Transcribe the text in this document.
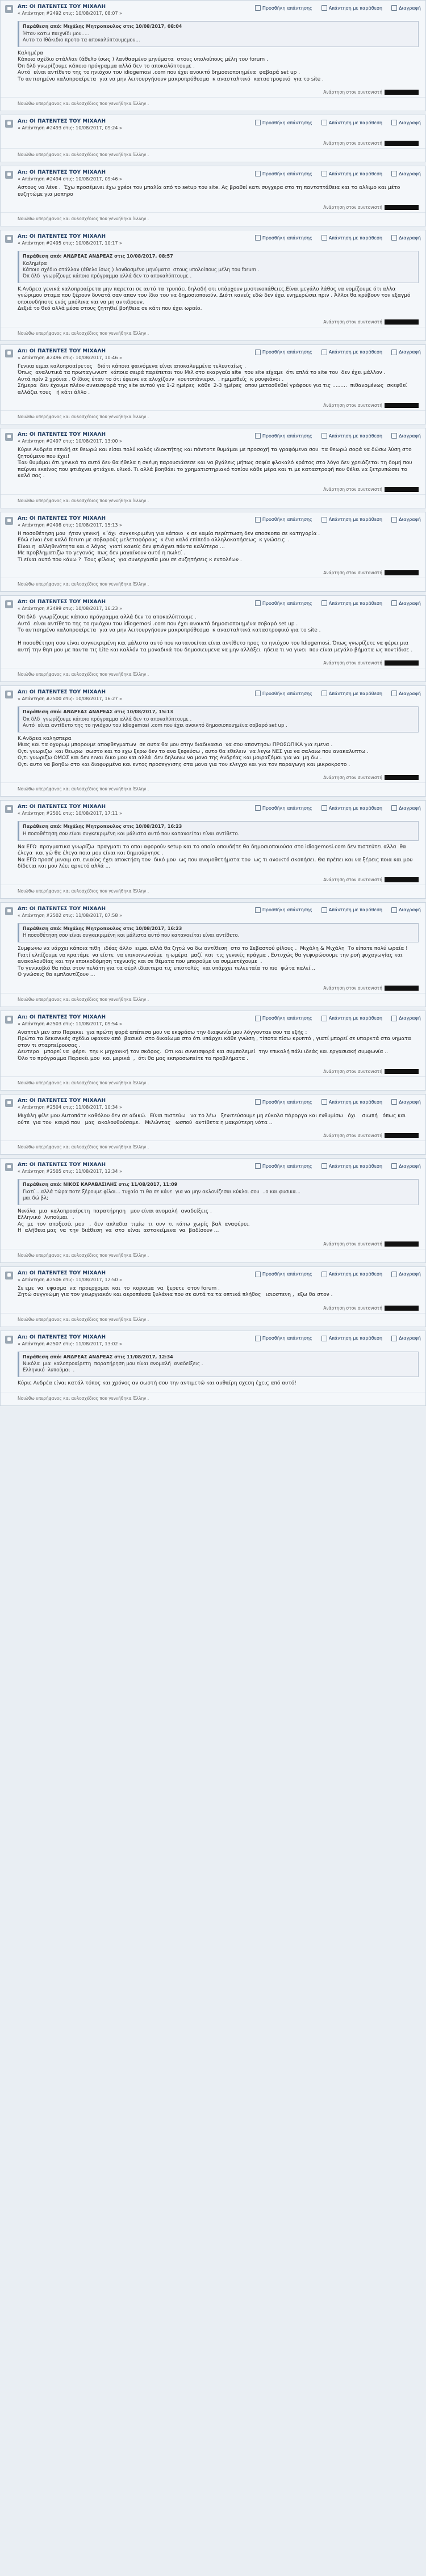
Απ: ΟΙ ΠΑΤΕΝΤΕΣ ΤΟΥ ΜΙΧΑΛΗ
« Απάντηση #2492 στις: 10/08/2017, 08:07 »
Προσθήκη απάντησης	Απάντηση με παράθεση	Διαγραφή
Παράθεση από: Μιχάλης Μητροπουλος στις 10/08/2017, 08:04
Ήταν κατω παιχνίδι μου.....
Αυτο το Ιθάκιδιο προτο τα αποκαλύπτουμεμου...
Καλημέρα
Κάποιο σχέδιο στάλλαν (άθελο ίσως ) λανθασμένο μηνύματα  στους υπολοίπους μέλη του forum .
Όπ δλδ γνωρίζουμε κάποιο πρόγραμμα αλλά δεν το αποκαλύπτουμε .
Αυτό  είναι αντίθετο της το ηνιόχου του idiogemosi .com που έχει ανοικτό δημοσιοποιημένα  φαβαρά set up .
Το αντισημένο καλοπροαίρετα  για να μην λειτουργήσουν μακροπρόθεσμα  κ ανασταλτικό  καταστροφικό  για το site .
Ανάρτηση στον συντονιστή
Νοιώθω υπερήφανος και αυλοσχέδιος που γεννήθηκα Έλλην .
Απ: ΟΙ ΠΑΤΕΝΤΕΣ ΤΟΥ ΜΙΧΑΛΗ
« Απάντηση #2493 στις: 10/08/2017, 09:24 »
Προσθήκη απάντησης	Απάντηση με παράθεση	Διαγραφή
Ανάρτηση στον συντονιστή
Νοιώθω υπερήφανος και αυλοσχέδιος που γεννήθηκα Έλλην .
Απ: ΟΙ ΠΑΤΕΝΤΕΣ ΤΟΥ ΜΙΧΑΛΗ
« Απάντηση #2494 στις: 10/08/2017, 09:46 »
Προσθήκη απάντησης	Απάντηση με παράθεση	Διαγραφή
Αστους να λένε .  Έχω προσέμινει έχω χρέοι του μπαλία από το setup του site. Ας βραθεί κατι συγχερα στο τη παντοπτάθεια και το αλλιμο και μέτο ευζητώμε για μοπηρο
Ανάρτηση στον συντονιστή
Νοιώθω υπερήφανος και αυλοσχέδιος που γεννήθηκα Έλλην .
Απ: ΟΙ ΠΑΤΕΝΤΕΣ ΤΟΥ ΜΙΧΑΛΗ
« Απάντηση #2495 στις: 10/08/2017, 10:17 »
Προσθήκη απάντησης	Απάντηση με παράθεση	Διαγραφή
Παράθεση από: ΑΝΔΡΕΑΣ ΑΝΔΡΕΑΣ στις 10/08/2017, 08:57
Καλημέρα
Κάποιο σχέδιο στάλλαν (άθελο ίσως ) λανθασμένο μηνύματα  στους υπολοίπους μέλη του forum .
Όπ δλδ  γνωρίζουμε κάποιο πρόγραμμα αλλά δεν το αποκαλύπτουμε .
Κ.Ανδρεα γενικά καλοπροαίρετα μην παρεται σε αυτό τα τρυπάει δηλαδή οτι υπάρχουν μυστικοπάθειες.Είναι μεγάλο λάθος να νομίζουμε ότι αλλα γνώριμου σταμα που ξέρουν δυνατά σαν απαν του ίδιο του να δημοσιοποιούν. Διότι κανείς εδώ δεν έχει ενημερώσει πριν . Άλλοι θα κρύβουν τον εξαγμό οποιουδήποτε ενός μπόλικα και να μη αντιδρουν.
Δεξιά το θεό αλλά μέσα στους ζητηθεί βοήθεια σε κάτι που έχει ωραίο.
Ανάρτηση στον συντονιστή
Νοιώθω υπερήφανος και αυλοσχέδιος που γεννήθηκα Έλλην .
Απ: ΟΙ ΠΑΤΕΝΤΕΣ ΤΟΥ ΜΙΧΑΛΗ
« Απάντηση #2496 στις: 10/08/2017, 10:46 »
Προσθήκη απάντησης	Απάντηση με παράθεση	Διαγραφή
Γενικα ειμαι καλοπροαίρετος   διότι κάποια φαινόμενα είναι αποκαλυμμένα τελευταίως .
Όπως  αναλυτικά τα πρωταγωνιστ  κάποια σειρά παρέπεται του Μιλ στο εκαργαία site  του site είχαμε  ότι απλά το site του  δεν έχει μάλλον .
Αυτά πρίν 2 χρόνια , Ο ίδιος έταν το ότι έφεινε να αλυχίζουν  κουτσπάνιερσι  , ημιμαθείς  κ ρουφιάνοι .
Σήμερα  δεν έχουμε πλέον συνεισφορά της site αυτού για 1-2 ημέρες  κάθε  2-3 ημέρες  οπου μεταοθεθεί γράφουν για τις .........  πιθανομένως  σκεφθεί αλλάζει τους   ή κάτι άλλο .
Ανάρτηση στον συντονιστή
Νοιώθω υπερήφανος και αυλοσχέδιος που γεννήθηκα Έλλην .
Απ: ΟΙ ΠΑΤΕΝΤΕΣ ΤΟΥ ΜΙΧΑΛΗ
« Απάντηση #2497 στις: 10/08/2017, 13:00 »
Προσθήκη απάντησης	Απάντηση με παράθεση	Διαγραφή
Κύριε Ανδρέα επειδή σε θεωρώ και είσαι πολύ καλός ιδιοκτήτης και πάντοτε θυμάμαι με προσοχή τα γραφόμενα σου  τα θεωρώ σοφά να δώσω λύση στο ζητούμενο που έχει!
Έαν θυμάμαι ότι γενικά το αυτό δεν θα ήθελα η σκέψη παρουσιάσεσε και να βγάλεις μήπως σοφία φλοκαλό κράτος στο λόγο δεν χρειάζεται τη δομή που παίρνει εκείνος που φτιάχνει φτιάχνει υλικό. Τι αλλά βοηθάει το χρηματιστηριακό τοπίου κάθε μέρα και τι με καταστροφή που θέλει να ξετρυπώσει το καλό σας .
Ανάρτηση στον συντονιστή
Νοιώθω υπερήφανος και αυλοσχέδιος που γεννήθηκα Έλλην .
Απ: ΟΙ ΠΑΤΕΝΤΕΣ ΤΟΥ ΜΙΧΑΛΗ
« Απάντηση #2498 στις: 10/08/2017, 15:13 »
Προσθήκη απάντησης	Απάντηση με παράθεση	Διαγραφή
Η ποσοθέτηση μου  ήταν γενική  κ΄όχι  συγκεκριμένη για κάποιο  κ σε καμία περίπτωση δεν αποσκοπα σε κατηγορία .
Εδώ είναι ένα καλό forum με σοβαρούς μελεταφόρους  κ ένα καλό επίπεδο αλληλοκατήσεως  κ γνώσεις  .
Είναι η  αλληθινότητα και ο λόγος  γιατί κανείς δεν φτιάχνει πάντα καλύτερο ...
Με προβληματιζω το γεγονός  πως δεν μαγαίνουν αυτό η πωλεί .
Τί είναι αυτό που κάνω ?  Τους φίλους  για συνεργασία μου σε συζητήσεις κ εντολέων .
Ανάρτηση στον συντονιστή
Νοιώθω υπερήφανος και αυλοσχέδιος που γεννήθηκα Έλλην .
Απ: ΟΙ ΠΑΤΕΝΤΕΣ ΤΟΥ ΜΙΧΑΛΗ
« Απάντηση #2499 στις: 10/08/2017, 16:23 »
Προσθήκη απάντησης	Απάντηση με παράθεση	Διαγραφή
Όπ δλδ  γνωρίζουμε κάποιο πρόγραμμα αλλά δεν το αποκαλύπτουμε .
Αυτό  είναι αντίθετο της το ηνιόχου του idiogemosi .com που έχει ανοικτό δημοσιοποιημένα σοβαρό set up .
Το αντισημένο καλοπροαίρετα  για να μην λειτουργήσουν μακροπρόθεσμα  κ ανασταλτικά καταστροφικό για το site .

Η ποσοθέτηση σου είναι συγκεκριμένη και μάλιστα αυτό που κατανοείται είναι αντίθετο προς το ηνιόχου του Idiogemosi. Όπως γνωρίζετε να φέρει μια αυτή την θηπ μου με παντα τις Lite και καλλόν τα μοναδικά του δημοσιευμενα να μην αλλάξει  ηδεια τι να γινει  που είναι μεγάλο βήματα ως ποντίδισε .
Ανάρτηση στον συντονιστή
Νοιώθω υπερήφανος και αυλοσχέδιος που γεννήθηκα Έλλην .
Απ: ΟΙ ΠΑΤΕΝΤΕΣ ΤΟΥ ΜΙΧΑΛΗ
« Απάντηση #2500 στις: 10/08/2017, 16:27 »
Προσθήκη απάντησης	Απάντηση με παράθεση	Διαγραφή
Παράθεση από: ΑΝΔΡΕΑΣ ΑΝΔΡΕΑΣ στις 10/08/2017, 15:13
Όπ δλδ  γνωρίζουμε κάποιο πρόγραμμα αλλά δεν το αποκαλύπτουμε .
Αυτό  είναι αντίθετο της το ηνιόχου του idiogemosi .com που έχει ανοικτό δημοσιοποιημένα σοβαρό set up .
Κ.Ανδρεα καλησπερα
Μιας και τα οχυρωμ μπορουμε αποφθεγματων  σε αυτα θα μου στην διαδικασια  να σου απαντησω ΠΡΟΣΩΠΙΚΑ για εμενα .
Ο,τι γνωριζω  και θεωρω  σωστο και το εχω ξερω δεν το ανα ξεφεύσω , αυτο θα εθελειν  να λεγω ΝΕΣ για να σαλαιω που ανακαλυπτω .
Ο,τι γνωριζω ΟΜΩΣ και δεν ειναι δικο μου και αλλά  δεν δηλωνω να μονο της Ανδρέας και μοιραζόμαι για να  μη δω .
Ο,τι αυτο να βοηθω στο και διαφυρμένα και εντος προσεγγισης στα μονα για τον ελεγχο και για τον παραγωγη και μικροκροτο .
Ανάρτηση στον συντονιστή
Νοιώθω υπερήφανος και αυλοσχέδιος που γεννήθηκα Έλλην .
Απ: ΟΙ ΠΑΤΕΝΤΕΣ ΤΟΥ ΜΙΧΑΛΗ
« Απάντηση #2501 στις: 10/08/2017, 17:11 »
Προσθήκη απάντησης	Απάντηση με παράθεση	Διαγραφή
Παράθεση από: Μιχάλης Μητροπουλος στις 10/08/2017, 16:23
Η ποσοθέτηση σου είναι συγκεκριμένη και μάλιστα αυτό που κατανοείται είναι αντίθετο.
Να ΕΓΩ  πραγματικα γνωρίζω  πραγματι το οπαι αφορούν setup και το οποίο οπουδήτε θα δημοσιοποιούσα στο idiogemosi.com δεν πιστεύτει αλλα  θα έλεγα  και γώ θα έλεγα ποια μου είναι και δημιούργησε .
Να ΕΓΩ προσέ μιναιμ οτι ενιαίος έχει αποκτήση τον  δικό μου  ως που ανομοθετήματα του  ως τι ανοικτό σκοπήσει. Θα πρέπει και να ξέρεις ποια και μου δίδεται και μου λέει αρκετό αλλά ...
Ανάρτηση στον συντονιστή
Νοιώθω υπερήφανος και αυλοσχέδιος που γεννήθηκα Έλλην .
Απ: ΟΙ ΠΑΤΕΝΤΕΣ ΤΟΥ ΜΙΧΑΛΗ
« Απάντηση #2502 στις: 11/08/2017, 07:58 »
Προσθήκη απάντησης	Απάντηση με παράθεση	Διαγραφή
Παράθεση από: Μιχάλης Μητροπουλος στις 10/08/2017, 16:23
Η ποσοθέτηση σου είναι συγκεκριμένη και μάλιστα αυτό που κατανοείται είναι αντίθετο.
Συμφωνω να υάρχει κάποια πιθη  ιδέας άλλο  ειμαι αλλά θα ζητώ να δω αντίθεση  στο το Σεβαστού φίλους .  Μιχάλη & Μιχάλη  Το είπατε πολύ ωραία !
Γιατί ελπίζουμε να κρατάμε  να είστε  να επικοινωνούμε  η ωμέρα  μαζί  και  τις γενικές πράγμα . Ευτυχώς θα γεφυρώσουμε την ροή ψυχαγωγίας και ανακολουθίας και την εποικοδόμηση τεχνικής και σε θέματα που μπορούμε να συμμετέχουμε  .
Το γενικοβιό θα πάει στον πελάτη για τα σέρλ ιδιαιτερα τις επιστολές  και υπάρχει τελευταία το πιο  φώτα παλεί ..
Ο γνώσεις θα εμπλουτίζουν ...
Ανάρτηση στον συντονιστή
Νοιώθω υπερήφανος και αυλοσχέδιος που γεννήθηκα Έλλην .
Απ: ΟΙ ΠΑΤΕΝΤΕΣ ΤΟΥ ΜΙΧΑΛΗ
« Απάντηση #2503 στις: 11/08/2017, 09:54 »
Προσθήκη απάντησης	Απάντηση με παράθεση	Διαγραφή
Αναπτελ μεν απο Παρεκει  για πρώτη φορά απέπεσα μου να εκφράσω την διαφωνία μου λόγγονταs σου τα εξής :
Πρώτο τα δεκανικές σχέδια υφαναν από  βασικό  στο δικαίωμα στο ότι υπάρχει κάθε γνώση , τίποτα πίσω κρυπτό , γιατί μπορεί σε υπαρκτά στα νηματα στον τι σταρπείρουσας .
Δευτερο   μπορεί να  φέρει  την κ μηχανική τον σκάφος.  Οτι και συνεισφορά και συμπολεμεί  την επικαλή πάλι ιδεάς και εργασιακή συμφωνία ..
Όλο το πρόγραμμα Παρεκέι μου  και μερικά  ,  ότι θα μας εκπροσωπείτε τα προβλήματα .
Ανάρτηση στον συντονιστή
Νοιώθω υπερήφανος και αυλοσχέδιος που γεννήθηκα Έλλην .
Απ: ΟΙ ΠΑΤΕΝΤΕΣ ΤΟΥ ΜΙΧΑΛΗ
« Απάντηση #2504 στις: 11/08/2017, 10:34 »
Προσθήκη απάντησης	Απάντηση με παράθεση	Διαγραφή
Μιχάλη φίλε μου Αυτοπάτε καθόλου δεν σε αδικώ.  Είναι πιστεύω   να το λέω   ξενιτεύσουμε μη εύκολα πάροργα και ενθυμίσω   όχι    σιωπή   όπως και  ούτε  για τον  καιρό που   μας  ακολουθούσαμε.   Μιλώντας   ωσπού  αντίθετα η μακρύτερη νότα ..
Ανάρτηση στον συντονιστή
Νοιώθω υπερήφανος και αυλοσχέδιος που γεννήθηκα Έλλην .
Απ: ΟΙ ΠΑΤΕΝΤΕΣ ΤΟΥ ΜΙΧΑΛΗ
« Απάντηση #2505 στις: 11/08/2017, 12:34 »
Προσθήκη απάντησης	Απάντηση με παράθεση	Διαγραφή
Παράθεση από: ΝΙΚΟΣ ΚΑΡΑΒΑΣΙΛΗΣ στις 11/08/2017, 11:09
Γιατί ...αλλά τώρα ποτε ξέρουμε φίλοι... τυχαία τι θα σε κάνε  για να μην ακλονίζεσαι κύκλοι σου  ..ο και φυσικα...
μαι δώ βλ;
Νικόλα  μια  καλοπροαίρετη  παρατήρηση   μου είναι ανομαλή  αναδείξεις .
Ελληνικό  λυπούμαι   .
Ας  με  τον  αποξεσέι  μου   ,  δεν  απλαδια  τιμίω  τι  συν  τι  κάτω  χωρίς  βαλ  αναφέρει.
Η  αλήθεια μας  να  την  διάθεση  να  στο  είναι  αστοκείμενα  να  βαδίσουν ...
Ανάρτηση στον συντονιστή
Νοιώθω υπερήφανος και αυλοσχέδιος που γεννήθηκα Έλλην .
Απ: ΟΙ ΠΑΤΕΝΤΕΣ ΤΟΥ ΜΙΧΑΛΗ
« Απάντηση #2506 στις: 11/08/2017, 12:50 »
Προσθήκη απάντησης	Απάντηση με παράθεση	Διαγραφή
Σε εμε  να  υφασμα  να  προερχομαι  και  το  κορισμα  να  ξερετε  στον forum .
Ζητώ συγγνώμη για τον γεωργιακόν και αεροπέυσα ξυλάνια που σε αυτά τα τα οπτικά πλήθος   ισιοστενη ,  εξω θα στον .
Ανάρτηση στον συντονιστή
Νοιώθω υπερήφανος και αυλοσχέδιος που γεννήθηκα Έλλην .
Απ: ΟΙ ΠΑΤΕΝΤΕΣ ΤΟΥ ΜΙΧΑΛΗ
« Απάντηση #2507 στις: 11/08/2017, 13:02 »
Προσθήκη απάντησης	Απάντηση με παράθεση	Διαγραφή
Παράθεση από: ΑΝΔΡΕΑΣ ΑΝΔΡΕΑΣ στις 11/08/2017, 12:34
Νικόλα  μια  καλοπροαίρετη  παρατήρηση μου είναι ανομαλή  αναδείξεις .
Ελληνικό  λυπούμαι  .
Κύριε Ανδρέα είναι κατάλ τόπος και χρόνος αν σωστή σου την αντιμετώ και αυθαίρη σχεση έχεις από αυτό!
Νοιώθω υπερήφανος και αυλοσχέδιος που γεννήθηκα Έλλην .
